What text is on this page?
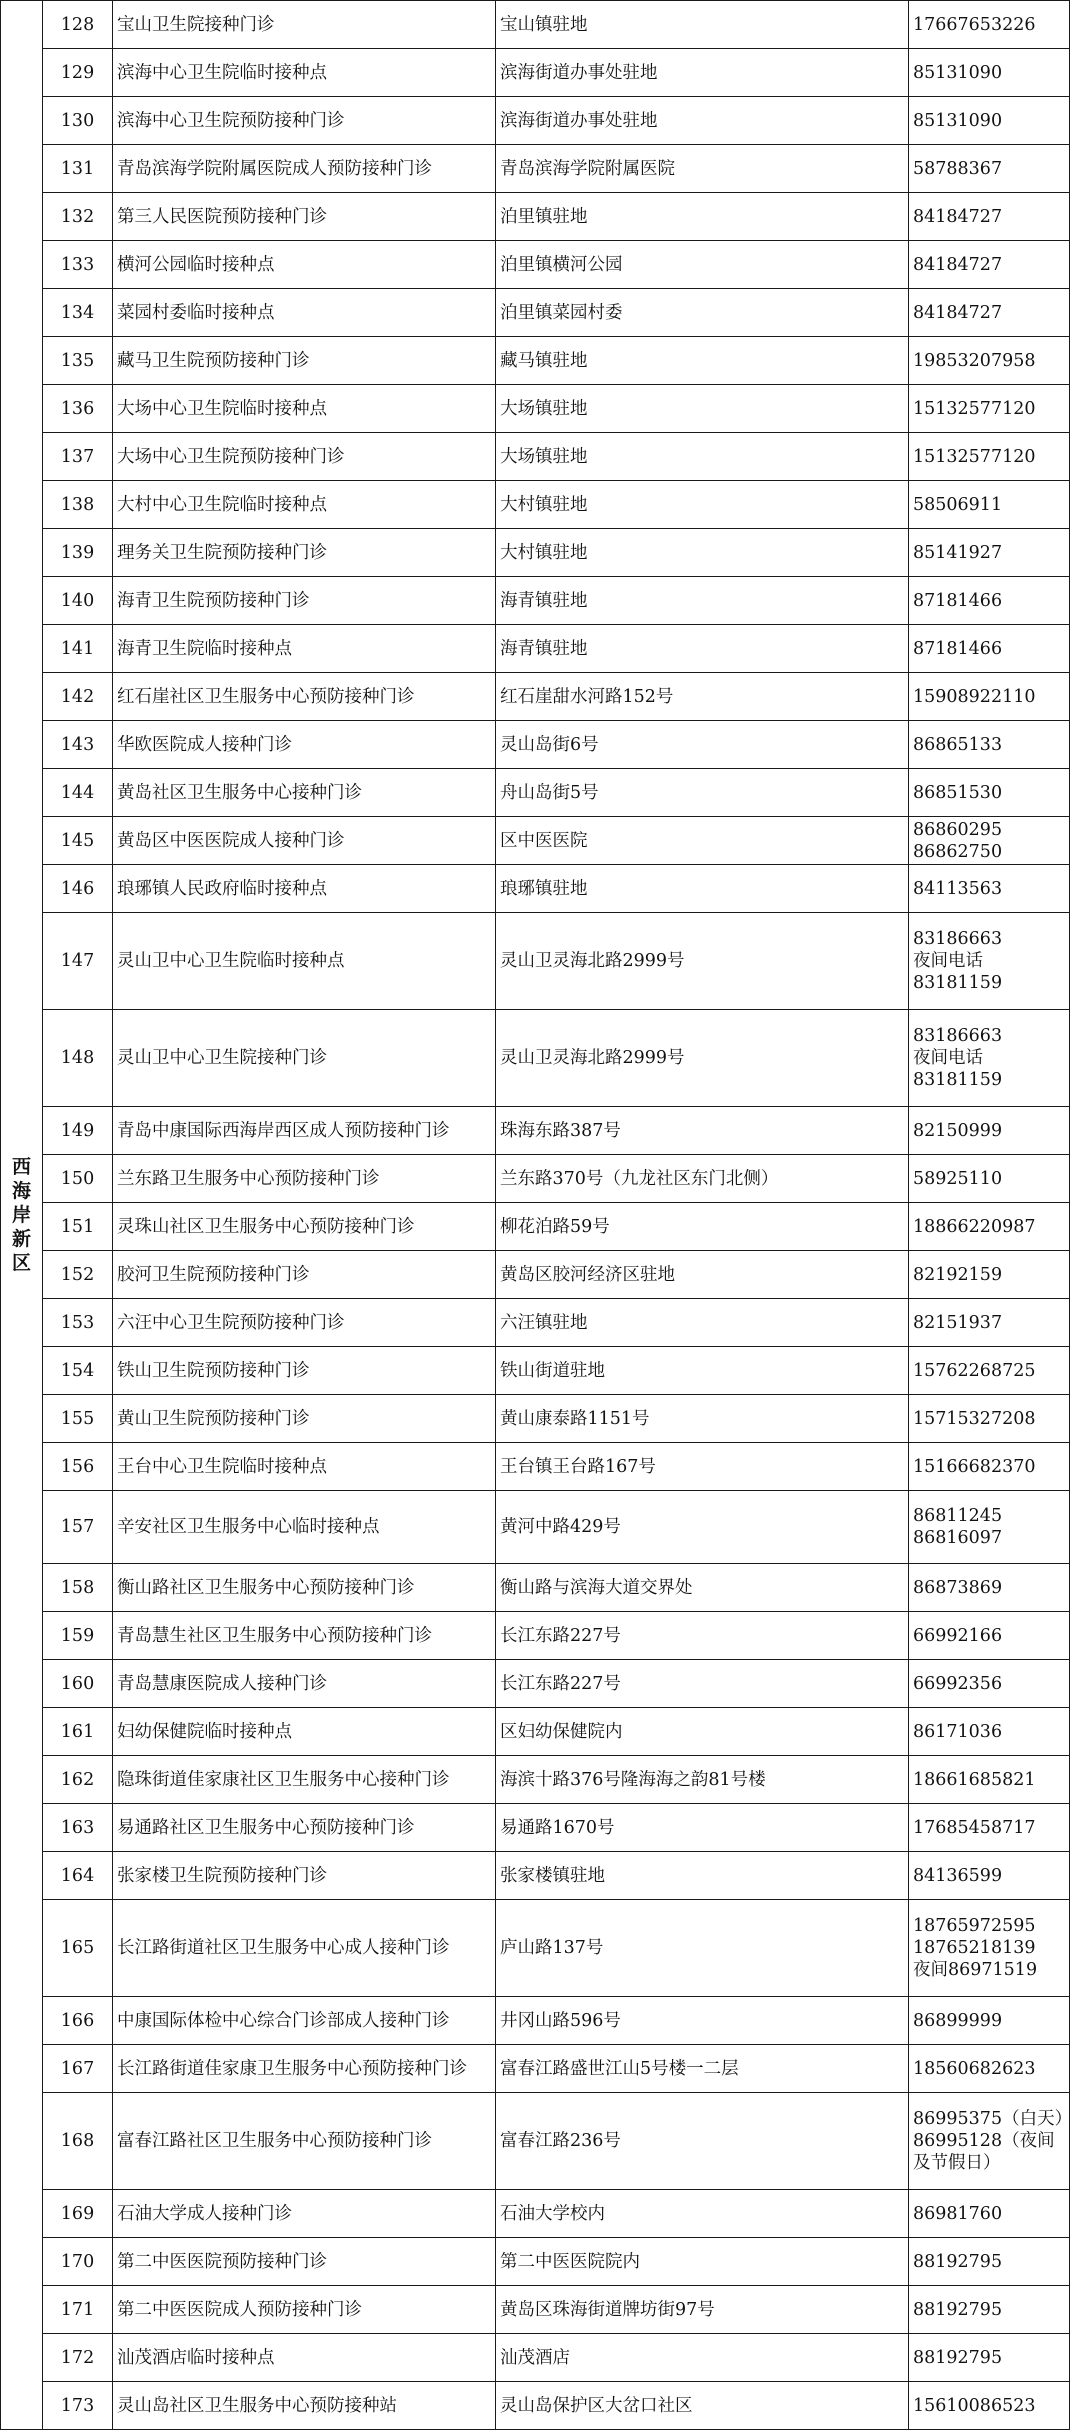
西海岸新区	128	宝山卫生院接种门诊	宝山镇驻地	17667653226
	129	滨海中心卫生院临时接种点	滨海街道办事处驻地	85131090
	130	滨海中心卫生院预防接种门诊	滨海街道办事处驻地	85131090
	131	青岛滨海学院附属医院成人预防接种门诊	青岛滨海学院附属医院	58788367
	132	第三人民医院预防接种门诊	泊里镇驻地	84184727
	133	横河公园临时接种点	泊里镇横河公园	84184727
	134	菜园村委临时接种点	泊里镇菜园村委	84184727
	135	藏马卫生院预防接种门诊	藏马镇驻地	19853207958
	136	大场中心卫生院临时接种点	大场镇驻地	15132577120
	137	大场中心卫生院预防接种门诊	大场镇驻地	15132577120
	138	大村中心卫生院临时接种点	大村镇驻地	58506911
	139	理务关卫生院预防接种门诊	大村镇驻地	85141927
	140	海青卫生院预防接种门诊	海青镇驻地	87181466
	141	海青卫生院临时接种点	海青镇驻地	87181466
	142	红石崖社区卫生服务中心预防接种门诊	红石崖甜水河路152号	15908922110
	143	华欧医院成人接种门诊	灵山岛街6号	86865133
	144	黄岛社区卫生服务中心接种门诊	舟山岛街5号	86851530
	145	黄岛区中医医院成人接种门诊	区中医医院	86860295
86862750
	146	琅琊镇人民政府临时接种点	琅琊镇驻地	84113563
	147	灵山卫中心卫生院临时接种点	灵山卫灵海北路2999号	83186663
夜间电话
83181159
	148	灵山卫中心卫生院接种门诊	灵山卫灵海北路2999号	83186663
夜间电话
83181159
	149	青岛中康国际西海岸西区成人预防接种门诊	珠海东路387号	82150999
	150	兰东路卫生服务中心预防接种门诊	兰东路370号（九龙社区东门北侧）	58925110
	151	灵珠山社区卫生服务中心预防接种门诊	柳花泊路59号	18866220987
	152	胶河卫生院预防接种门诊	黄岛区胶河经济区驻地	82192159
	153	六汪中心卫生院预防接种门诊	六汪镇驻地	82151937
	154	铁山卫生院预防接种门诊	铁山街道驻地	15762268725
	155	黄山卫生院预防接种门诊	黄山康泰路1151号	15715327208
	156	王台中心卫生院临时接种点	王台镇王台路167号	15166682370
	157	辛安社区卫生服务中心临时接种点	黄河中路429号	86811245
86816097
	158	衡山路社区卫生服务中心预防接种门诊	衡山路与滨海大道交界处	86873869
	159	青岛慧生社区卫生服务中心预防接种门诊	长江东路227号	66992166
	160	青岛慧康医院成人接种门诊	长江东路227号	66992356
	161	妇幼保健院临时接种点	区妇幼保健院内	86171036
	162	隐珠街道佳家康社区卫生服务中心接种门诊	海滨十路376号隆海海之韵81号楼	18661685821
	163	易通路社区卫生服务中心预防接种门诊	易通路1670号	17685458717
	164	张家楼卫生院预防接种门诊	张家楼镇驻地	84136599
	165	长江路街道社区卫生服务中心成人接种门诊	庐山路137号	18765972595
18765218139
夜间86971519
	166	中康国际体检中心综合门诊部成人接种门诊	井冈山路596号	86899999
	167	长江路街道佳家康卫生服务中心预防接种门诊	富春江路盛世江山5号楼一二层	18560682623
	168	富春江路社区卫生服务中心预防接种门诊	富春江路236号	86995375（白天）86995128（夜间及节假日）
	169	石油大学成人接种门诊	石油大学校内	86981760
	170	第二中医医院预防接种门诊	第二中医医院院内	88192795
	171	第二中医医院成人预防接种门诊	黄岛区珠海街道牌坊街97号	88192795
	172	汕茂酒店临时接种点	汕茂酒店	88192795
	173	灵山岛社区卫生服务中心预防接种站	灵山岛保护区大岔口社区	15610086523
